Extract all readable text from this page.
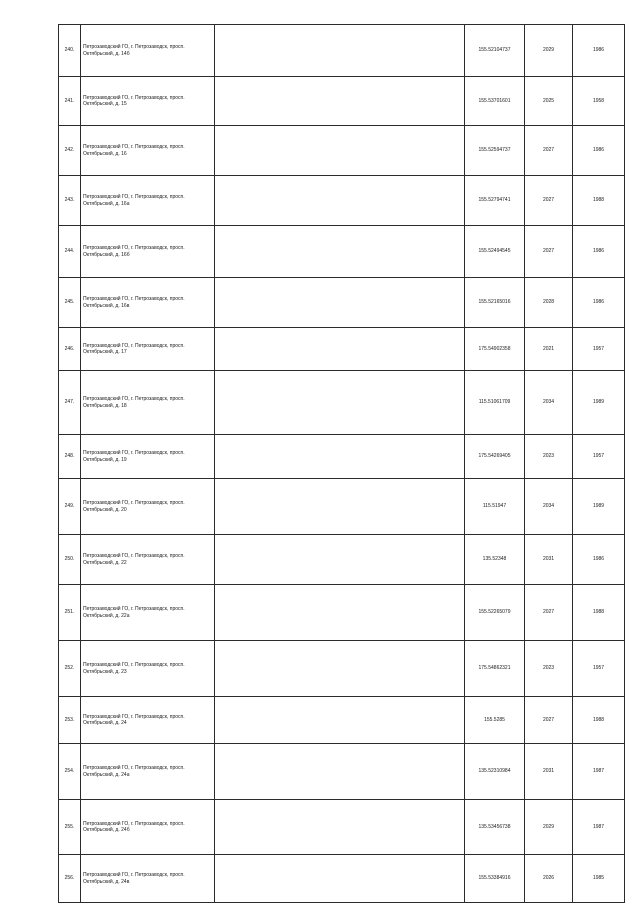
240.	Петрозаводский ГО, г. Петрозаводск, просп. Октябрьский, д. 14б		155.52104737	2029	1986
241.	Петрозаводский ГО, г. Петрозаводск, просп. Октябрьский, д. 15		155.53701601	2025	1958
242.	Петрозаводский ГО, г. Петрозаводск, просп. Октябрьский, д. 16		155.52594737	2027	1986
243.	Петрозаводский ГО, г. Петрозаводск, просп. Октябрьский, д. 16а		155.52794741	2027	1988
244.	Петрозаводский ГО, г. Петрозаводск, просп. Октябрьский, д. 16б		155.52494545	2027	1986
245.	Петрозаводский ГО, г. Петрозаводск, просп. Октябрьский, д. 16в		155.52165016	2028	1986
246.	Петрозаводский ГО, г. Петрозаводск, просп. Октябрьский, д. 17		175.54902358	2021	1957
247.	Петрозаводский ГО, г. Петрозаводск, просп. Октябрьский, д. 18		115.51061709	2034	1989
248.	Петрозаводский ГО, г. Петрозаводск, просп. Октябрьский, д. 19		175.54269405	2023	1957
249.	Петрозаводский ГО, г. Петрозаводск, просп. Октябрьский, д. 20		115.51947	2034	1989
250.	Петрозаводский ГО, г. Петрозаводск, просп. Октябрьский, д. 22		135.52348	2031	1986
251.	Петрозаводский ГО, г. Петрозаводск, просп. Октябрьский, д. 22а		155.52265079	2027	1988
252.	Петрозаводский ГО, г. Петрозаводск, просп. Октябрьский, д. 23		175.54862321	2023	1957
253.	Петрозаводский ГО, г. Петрозаводск, просп. Октябрьский, д. 24		155.5285	2027	1988
254.	Петрозаводский ГО, г. Петрозаводск, просп. Октябрьский, д. 24а		135.52310984	2031	1987
255.	Петрозаводский ГО, г. Петрозаводск, просп. Октябрьский, д. 24б		135.53456738	2029	1987
256.	Петрозаводский ГО, г. Петрозаводск, просп. Октябрьский, д. 24в		155.53384916	2026	1985
